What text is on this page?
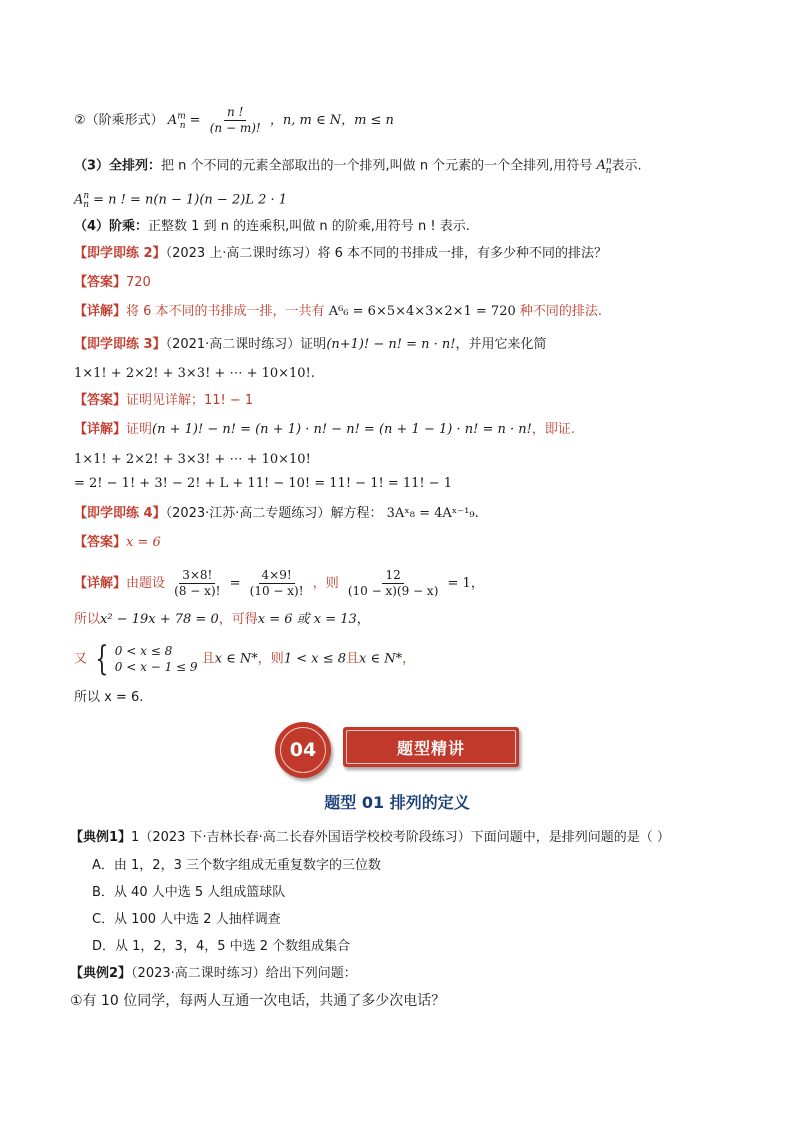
②（阶乘形式） $A^m_n = \frac{n !}{(n - m)!}$ ，n, m ∈ N，m ≤ n
（3）全排列：把 n 个不同的元素全部取出的一个排列,叫做 n 个元素的一个全排列,用符号 $A^n_n$表示.
$A^n_n = n$ ! = n(n − 1)(n − 2)L 2 · 1
（4）阶乘：正整数 1 到 n 的连乘积,叫做 n 的阶乘,用符号 n ! 表示.
【即学即练 2】（2023 上·高二课时练习）将 6 本不同的书排成一排，有多少种不同的排法？
【答案】720
【详解】将 6 本不同的书排成一排，一共有 A⁶₆ = 6×5×4×3×2×1 = 720 种不同的排法.
【即学即练 3】（2021·高二课时练习）证明(n+1)! − n! = n · n!，并用它来化简
1×1! + 2×2! + 3×3! + ⋯ + 10×10!.
【答案】证明见详解；11! − 1
【详解】证明(n + 1)! − n! = (n + 1) · n! − n! = (n + 1 − 1) · n! = n · n!，即证.
1×1! + 2×2! + 3×3! + ⋯ + 10×10!
= 2! − 1! + 3! − 2! + L + 11! − 10! = 11! − 1! = 11! − 1
【即学即练 4】（2023·江苏·高二专题练习）解方程： 3Aˣ₈ = 4Aˣ⁻¹₉.
【答案】x = 6
【详解】由题设 $\frac{3\times 8!}{(8 - x)!} = \frac{4\times 9!}{(10 - x)!}$ ，则 $\frac{12}{(10 - x)(9 - x)} = 1$，
所以x² − 19x + 78 = 0，可得x = 6 或 x = 13，
又 { 0 < x ≤ 8
0 < x − 1 ≤ 9
且x ∈ N*，则1 < x ≤ 8且x ∈ N*，
所以 x = 6.
04	题型精讲
题型 01 排列的定义
【典例1】1（2023 下·吉林长春·高二长春外国语学校校考阶段练习）下面问题中，是排列问题的是（ ）
A．由 1，2，3 三个数字组成无重复数字的三位数
B．从 40 人中选 5 人组成篮球队
C．从 100 人中选 2 人抽样调查
D．从 1，2，3，4，5 中选 2 个数组成集合
【典例2】（2023·高二课时练习）给出下列问题：
①有 10 位同学，每两人互通一次电话，共通了多少次电话？
